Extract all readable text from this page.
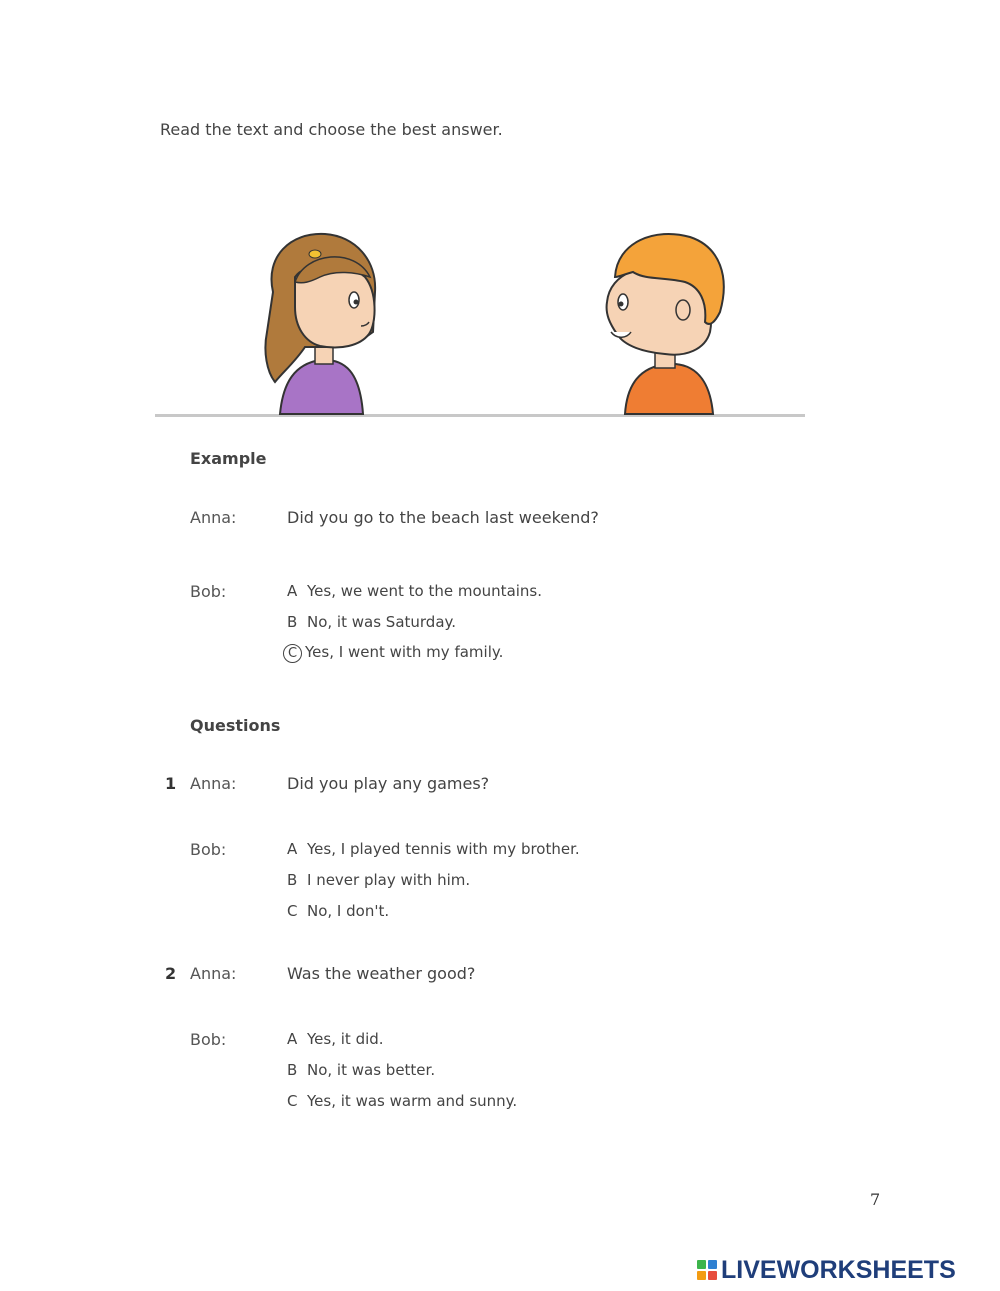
Read the text and choose the best answer.
Example
Anna:	Did you go to the beach last weekend?
Bob:	A Yes, we went to the mountains.
B No, it was Saturday.
C Yes, I went with my family.
Questions
1 Anna:	Did you play any games?
Bob:	A Yes, I played tennis with my brother.
B I never play with him.
C No, I don't.
2 Anna:	Was the weather good?
Bob:	A Yes, it did.
B No, it was better.
C Yes, it was warm and sunny.
7
LIVEWORKSHEETS
